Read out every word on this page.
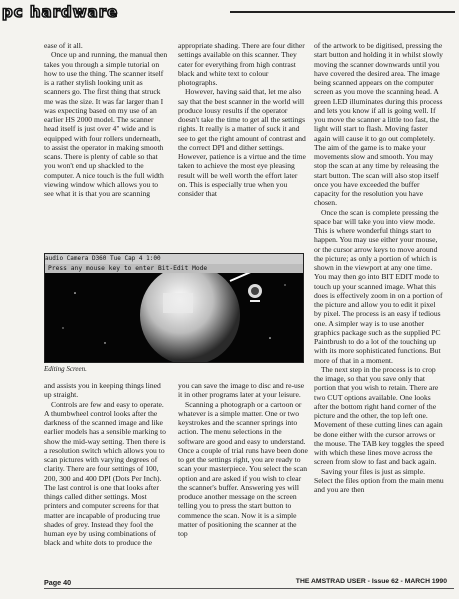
pc hardware

ease of it all.

Once up and running, the manual then takes you through a simple tutorial on how to use the thing. The scanner itself is a rather stylish looking unit as scanners go. The first thing that struck me was the size. It was far larger than I was expecting based on my use of an earlier HS 2000 model. The scanner head itself is just over 4" wide and is equipped with four rollers underneath, to assist the operator in making smooth scans. There is plenty of cable so that you won't end up shackled to the computer. A nice touch is the full width viewing window which allows you to see what it is that you are scanning

appropriate shading. There are four dither settings available on this scanner. They cater for everything from high contrast black and white text to colour photographs.

However, having said that, let me also say that the best scanner in the world will produce lousy results if the operator doesn't take the time to get all the settings rights. It really is a matter of suck it and see to get the right amount of contrast and the correct DPI and dither settings. However, patience is a virtue and the time taken to achieve the most eye pleasing result will be well worth the effort later on. This is especially true when you consider that

of the artwork to be digitised, pressing the start button and holding it in whilst slowly moving the scanner downwards until you have covered the desired area. The image being scanned appears on the computer screen as you move the scanning head. A green LED illuminates during this process and lets you know if all is going well. If you move the scanner a little too fast, the light will start to flash. Moving faster again will cause it to go out completely. The aim of the game is to make your movements slow and smooth. You may stop the scan at any time by releasing the start button. The scan will also stop itself once you have exceeded the buffer capacity for the resolution you have chosen.

Once the scan is complete pressing the space bar will take you into view mode. This is where wonderful things start to happen. You may use either your mouse, or the cursor arrow keys to move around the picture; as only a portion of which is shown in the viewport at any one time. You may then go into BIT EDIT mode to touch up your scanned image. What this does is effectively zoom in on a portion of the picture and allow you to edit it pixel by pixel. The process is an easy if tedious one. A simpler way is to use another graphics package such as the supplied PC Paintbrush to do a lot of the touching up with its more sophisticated functions. But more of that in a moment.

The next step in the process is to crop the image, so that you save only that portion that you wish to retain. There are two CUT options available. One looks after the bottom right hand corner of the picture and the other, the top left one. Movement of these cutting lines can again be done either with the cursor arrows or the mouse. The TAB key toggles the speed with which these lines move across the screen from slow to fast and back again.

Saving your files is just as simple. Select the files option from the main menu and you are then

audio Camera D360 Tue Cap 4 1:00
Press any mouse key to enter Bit-Edit Mode
Editing Screen.

and assists you in keeping things lined up straight.

Controls are few and easy to operate. A thumbwheel control looks after the darkness of the scanned image and like earlier models has a sensible marking to show the mid-way setting. Then there is a resolution switch which allows you to scan pictures with varying degrees of clarity. There are four settings of 100, 200, 300 and 400 DPI (Dots Per Inch). The last control is one that looks after things called dither settings. Most printers and computer screens for that matter are incapable of producing true shades of grey. Instead they fool the human eye by using combinations of black and white dots to produce the

you can save the image to disc and re-use it in other programs later at your leisure.

Scanning a photograph or a cartoon or whatever is a simple matter. One or two keystrokes and the scanner springs into action. The menu selections in the software are good and easy to understand. Once a couple of trial runs have been done to get the settings right, you are ready to scan your masterpiece. You select the scan option and are asked if you wish to clear the scanner's buffer. Answering yes will produce another message on the screen telling you to press the start button to commence the scan. Now it is a simple matter of positioning the scanner at the top

Page 40	THE AMSTRAD USER - Issue 62 - MARCH 1990
